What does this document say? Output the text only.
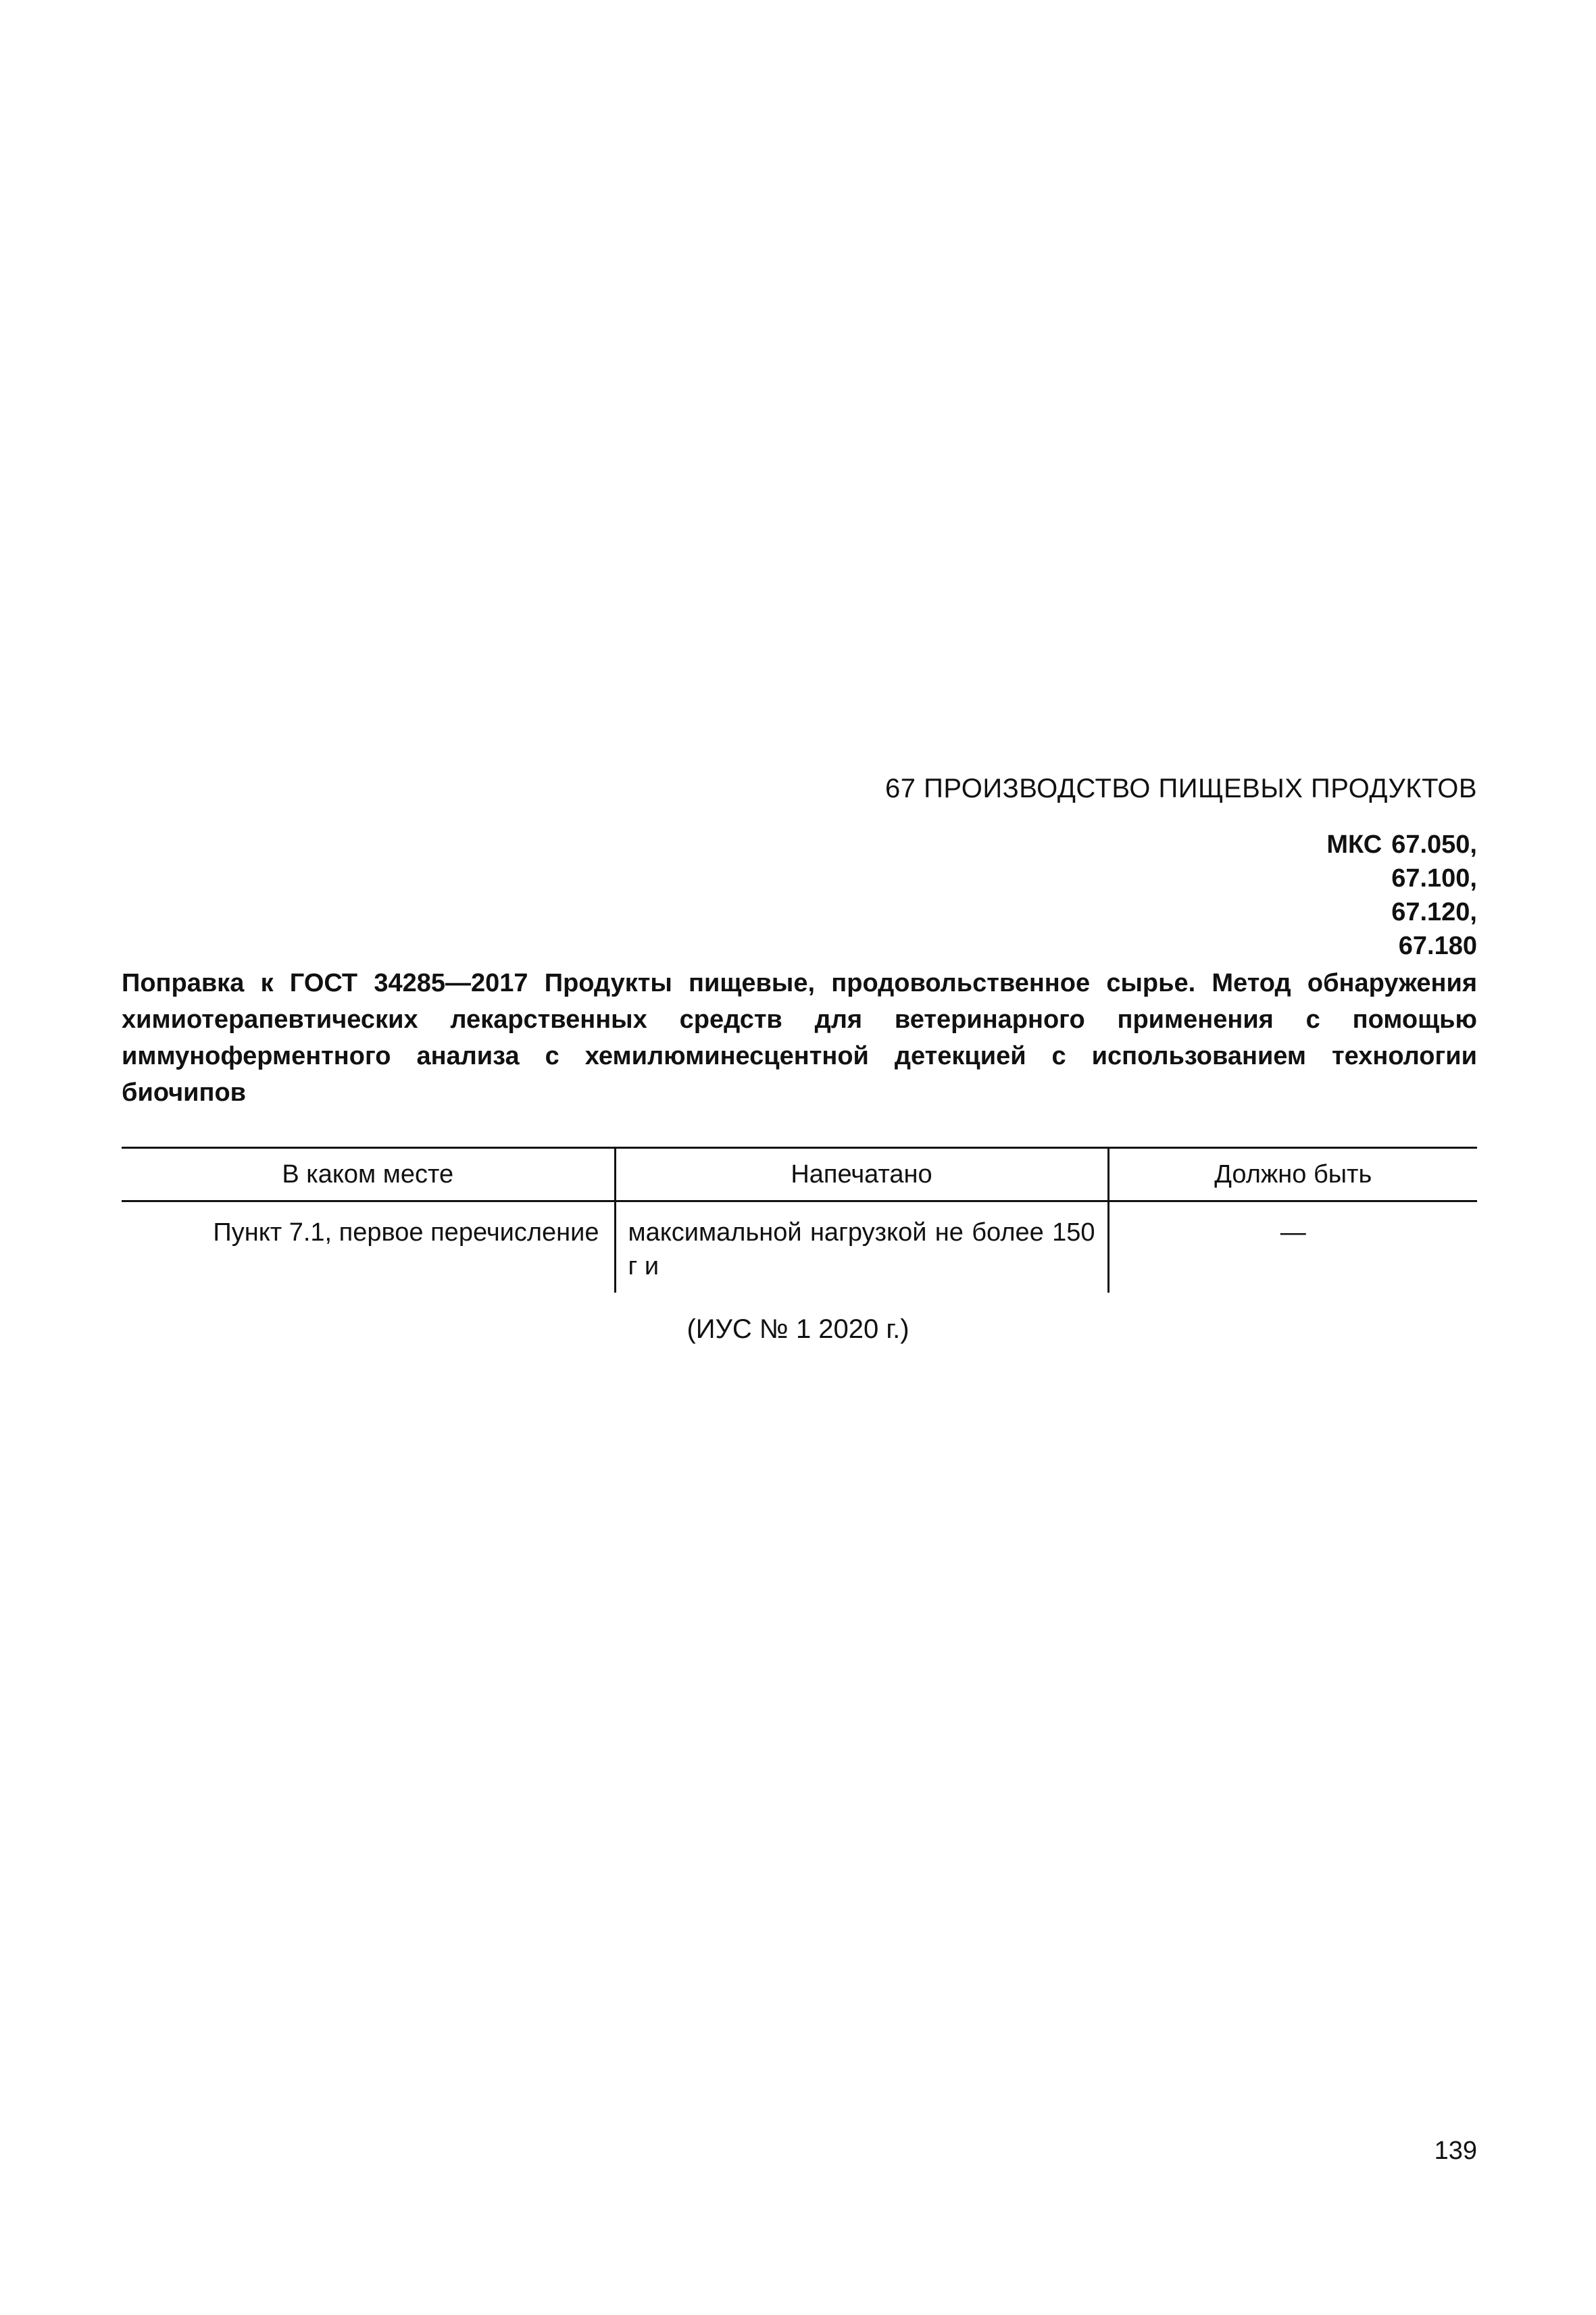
67 ПРОИЗВОДСТВО ПИЩЕВЫХ ПРОДУКТОВ
МКС 67.050,
67.100,
67.120,
67.180
Поправка к ГОСТ 34285—2017 Продукты пищевые, продовольственное сырье. Метод обнаружения химиотерапевтических лекарственных средств для ветеринарного применения с помощью иммуноферментного анализа с хемилюминесцентной детекцией с использованием технологии биочипов
В каком месте	Напечатано	Должно быть
Пункт 7.1, первое перечисление	максимальной нагрузкой не более 150 г и	—
(ИУС № 1 2020 г.)
139
